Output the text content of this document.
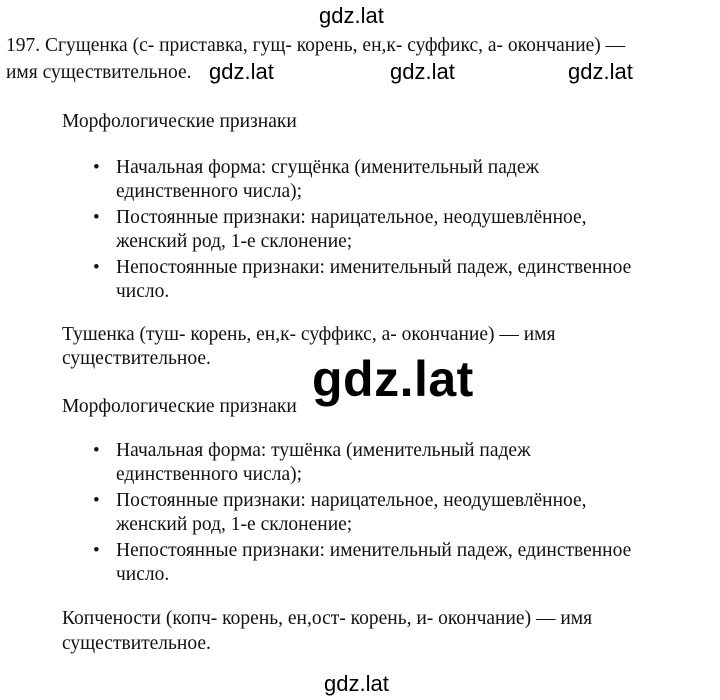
gdz.lat
197. Сгущенка (с- приставка, гущ- корень, ен,к- суффикс, а- окончание) —
имя существительное. gdz.lat	gdz.lat	gdz.lat
Морфологические признаки
• Начальная форма: сгущёнка (именительный падеж
единственного числа);
• Постоянные признаки: нарицательное, неодушевлённое,
женский род, 1-е склонение;
• Непостоянные признаки: именительный падеж, единственное
число.
Тушенка (туш- корень, ен,к- суффикс, а- окончание) — имя
существительное.
Морфологические признаки gdz.lat
• Начальная форма: тушёнка (именительный падеж
единственного числа);
• Постоянные признаки: нарицательное, неодушевлённое,
женский род, 1-е склонение;
• Непостоянные признаки: именительный падеж, единственное
число.
Копчености (копч- корень, ен,ост- корень, и- окончание) — имя
существительное.
gdz.lat
